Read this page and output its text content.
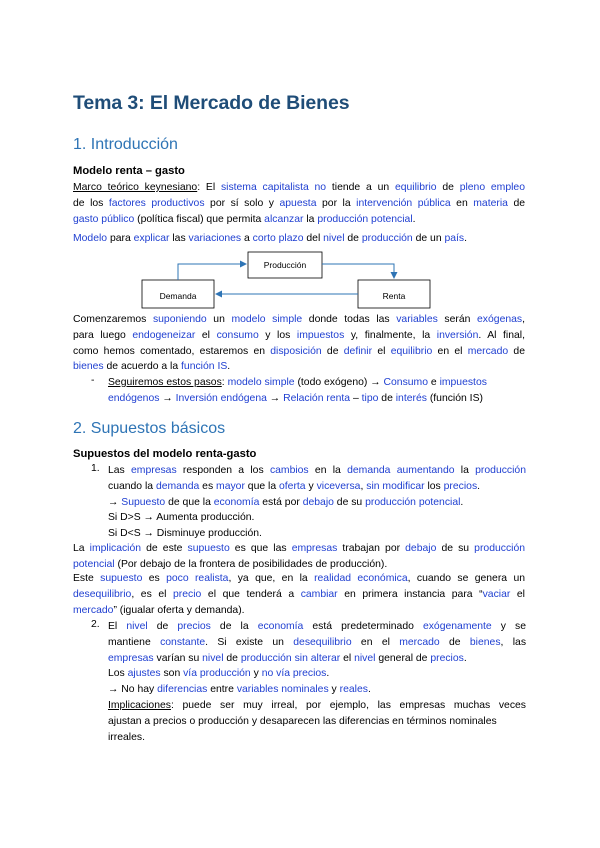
Tema 3: El Mercado de Bienes
1. Introducción
Modelo renta – gasto
Marco teórico keynesiano: El sistema capitalista no tiende a un equilibrio de pleno empleo
de los factores productivos por sí solo y apuesta por la intervención pública en materia de
gasto público (política fiscal) que permita alcanzar la producción potencial.
Modelo para explicar las variaciones a corto plazo del nivel de producción de un país.
Producción
Demanda	Renta
Comenzaremos suponiendo un modelo simple donde todas las variables serán exógenas,
para luego endogeneizar el consumo y los impuestos y, finalmente, la inversión. Al final,
como hemos comentado, estaremos en disposición de definir el equilibrio en el mercado de
bienes de acuerdo a la función IS.
- Seguiremos estos pasos: modelo simple (todo exógeno) → Consumo e impuestos
endógenos → Inversión endógena → Relación renta – tipo de interés (función IS)
2. Supuestos básicos
Supuestos del modelo renta-gasto
1. Las empresas responden a los cambios en la demanda aumentando la producción
cuando la demanda es mayor que la oferta y viceversa, sin modificar los precios.
→ Supuesto de que la economía está por debajo de su producción potencial.
Si D>S → Aumenta producción.
Si D<S → Disminuye producción.
La implicación de este supuesto es que las empresas trabajan por debajo de su producción
potencial (Por debajo de la frontera de posibilidades de producción).
Este supuesto es poco realista, ya que, en la realidad económica, cuando se genera un
desequilibrio, es el precio el que tenderá a cambiar en primera instancia para “vaciar el
mercado” (igualar oferta y demanda).
2. El nivel de precios de la economía está predeterminado exógenamente y se
mantiene constante. Si existe un desequilibrio en el mercado de bienes, las
empresas varían su nivel de producción sin alterar el nivel general de precios.
Los ajustes son vía producción y no vía precios.
→ No hay diferencias entre variables nominales y reales.
Implicaciones: puede ser muy irreal, por ejemplo, las empresas muchas veces
ajustan a precios o producción y desaparecen las diferencias en términos nominales
irreales.
